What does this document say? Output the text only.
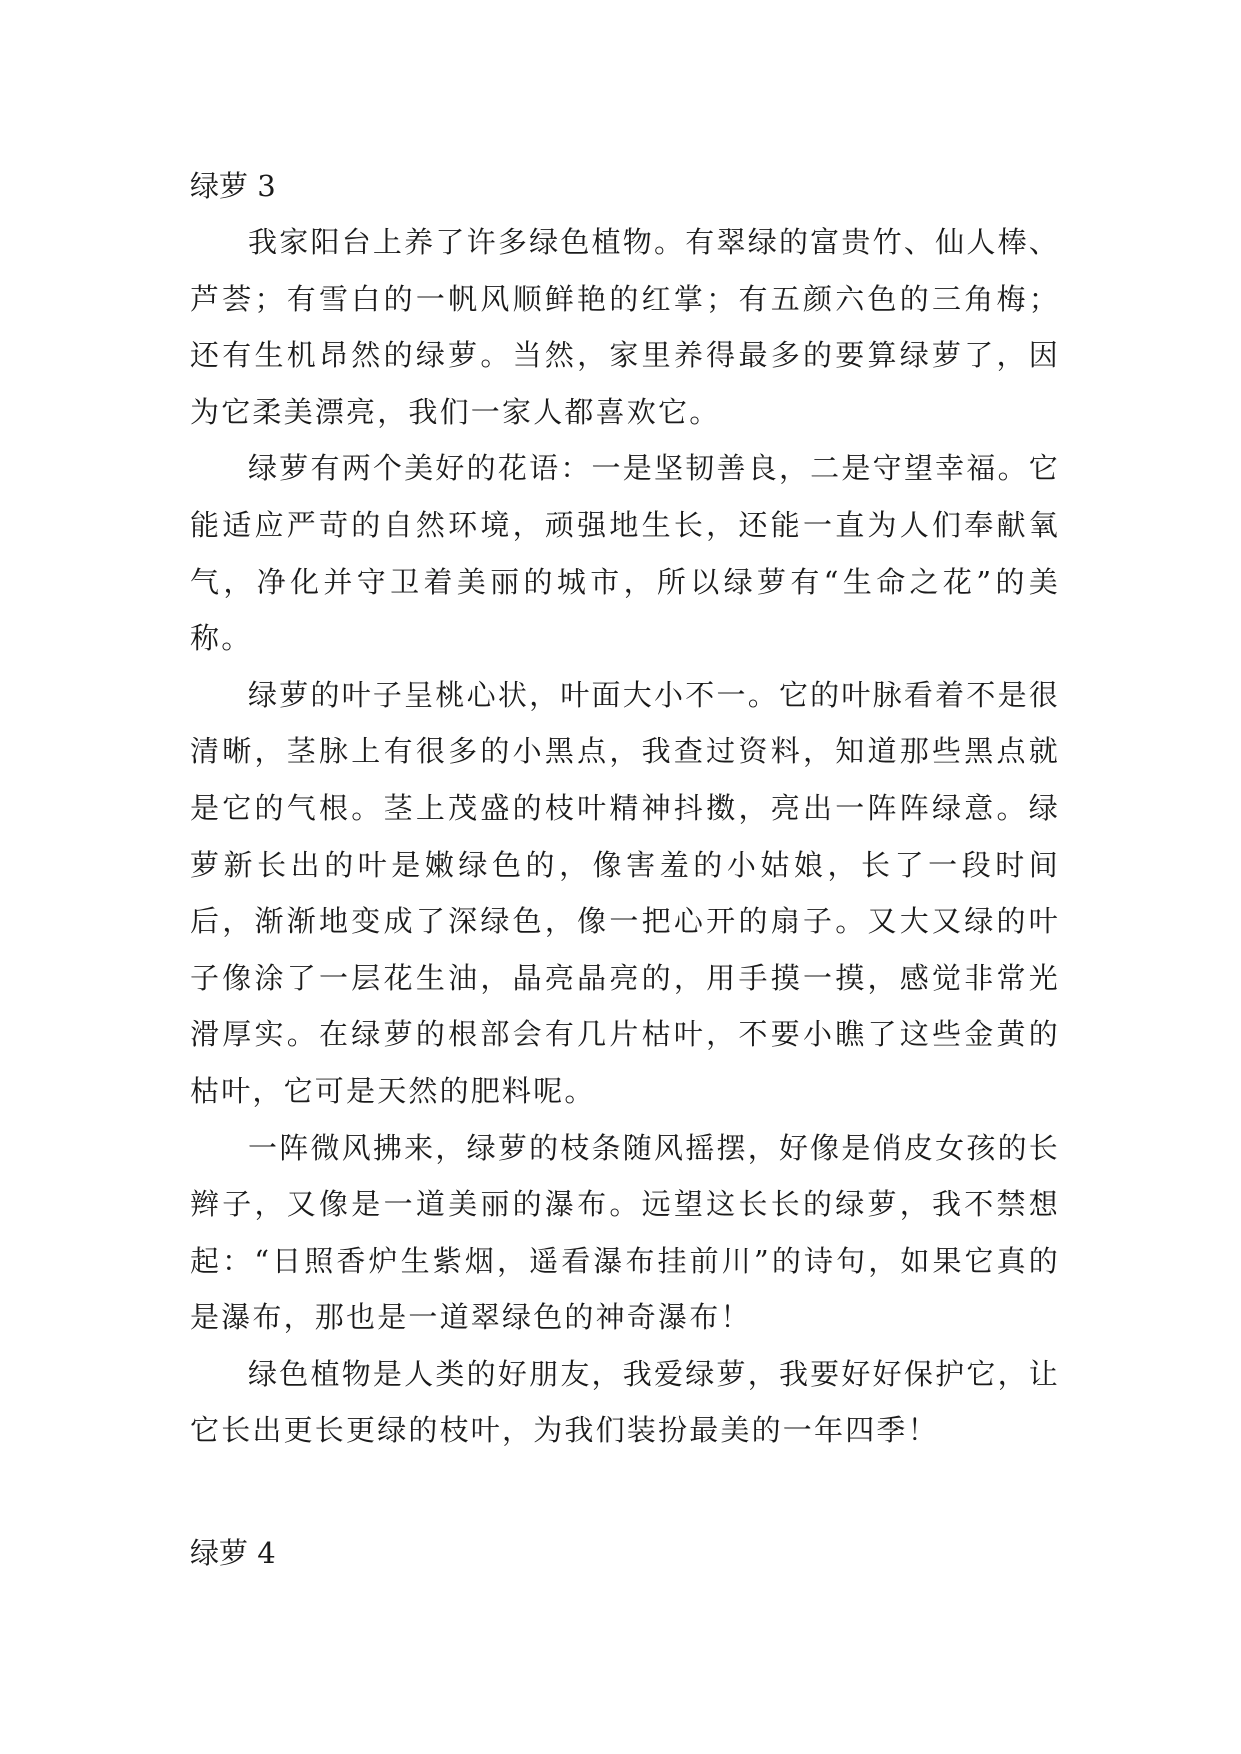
绿萝 3

我家阳台上养了许多绿色植物。有翠绿的富贵竹、仙人棒、芦荟；有雪白的一帆风顺鲜艳的红掌；有五颜六色的三角梅；还有生机昂然的绿萝。当然，家里养得最多的要算绿萝了，因为它柔美漂亮，我们一家人都喜欢它。

绿萝有两个美好的花语：一是坚韧善良，二是守望幸福。它能适应严苛的自然环境，顽强地生长，还能一直为人们奉献氧气，净化并守卫着美丽的城市，所以绿萝有“生命之花”的美称。

绿萝的叶子呈桃心状，叶面大小不一。它的叶脉看着不是很清晰，茎脉上有很多的小黑点，我查过资料，知道那些黑点就是它的气根。茎上茂盛的枝叶精神抖擞，亮出一阵阵绿意。绿萝新长出的叶是嫩绿色的，像害羞的小姑娘，长了一段时间后，渐渐地变成了深绿色，像一把心开的扇子。又大又绿的叶子像涂了一层花生油，晶亮晶亮的，用手摸一摸，感觉非常光滑厚实。在绿萝的根部会有几片枯叶，不要小瞧了这些金黄的枯叶，它可是天然的肥料呢。

一阵微风拂来，绿萝的枝条随风摇摆，好像是俏皮女孩的长辫子，又像是一道美丽的瀑布。远望这长长的绿萝，我不禁想起：“日照香炉生紫烟，遥看瀑布挂前川”的诗句，如果它真的是瀑布，那也是一道翠绿色的神奇瀑布！

绿色植物是人类的好朋友，我爱绿萝，我要好好保护它，让它长出更长更绿的枝叶，为我们装扮最美的一年四季！

绿萝 4
